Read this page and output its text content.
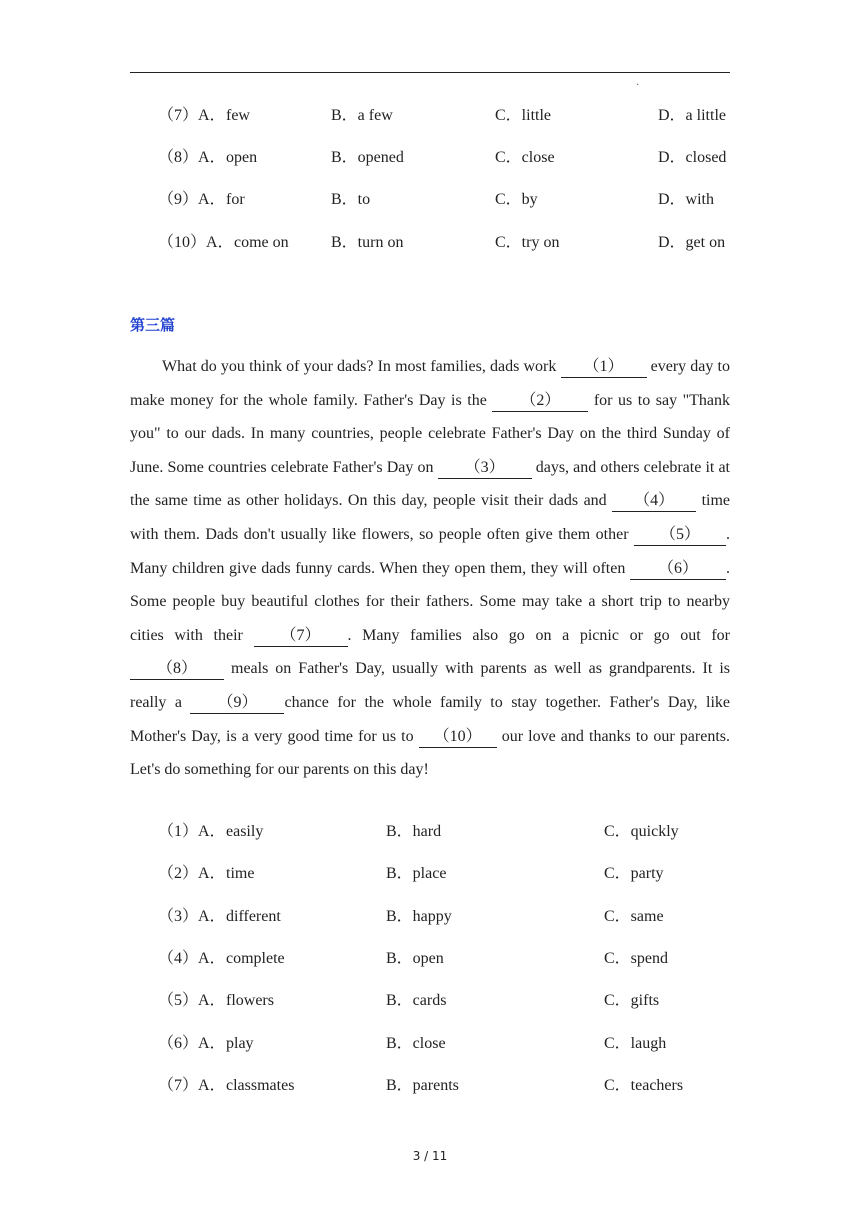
·
（7）A． few	B．a few	C．little	D．a little
（8）A． open	B．opened	C．close	D．closed
（9）A． for	B．to	C．by	D．with
（10）A． come on	B．turn on	C．try on	D．get on
第三篇

What do you think of your dads? In most families, dads work （1） every day to make money for the whole family. Father's Day is the （2） for us to say "Thank you" to our dads. In many countries, people celebrate Father's Day on the third Sunday of June. Some countries celebrate Father's Day on （3） days, and others celebrate it at the same time as other holidays. On this day, people visit their dads and （4） time with them. Dads don't usually like flowers, so people often give them other （5） . Many children give dads funny cards. When they open them, they will often （6） . Some people buy beautiful clothes for their fathers. Some may take a short trip to nearby cities with their （7） . Many families also go on a picnic or go out for（8） meals on Father's Day, usually with parents as well as grandparents. It is really a （9） chance for the whole family to stay together. Father's Day, like Mother's Day, is a very good time for us to （10） our love and thanks to our parents. Let's do something for our parents on this day!

（1）A． easily	B．hard	C．quickly
（2）A． time	B．place	C．party
（3）A． different	B．happy	C．same
（4）A． complete	B．open	C．spend
（5）A． flowers	B．cards	C．gifts
（6）A． play	B．close	C．laugh
（7）A． classmates	B．parents	C．teachers
3 / 11
